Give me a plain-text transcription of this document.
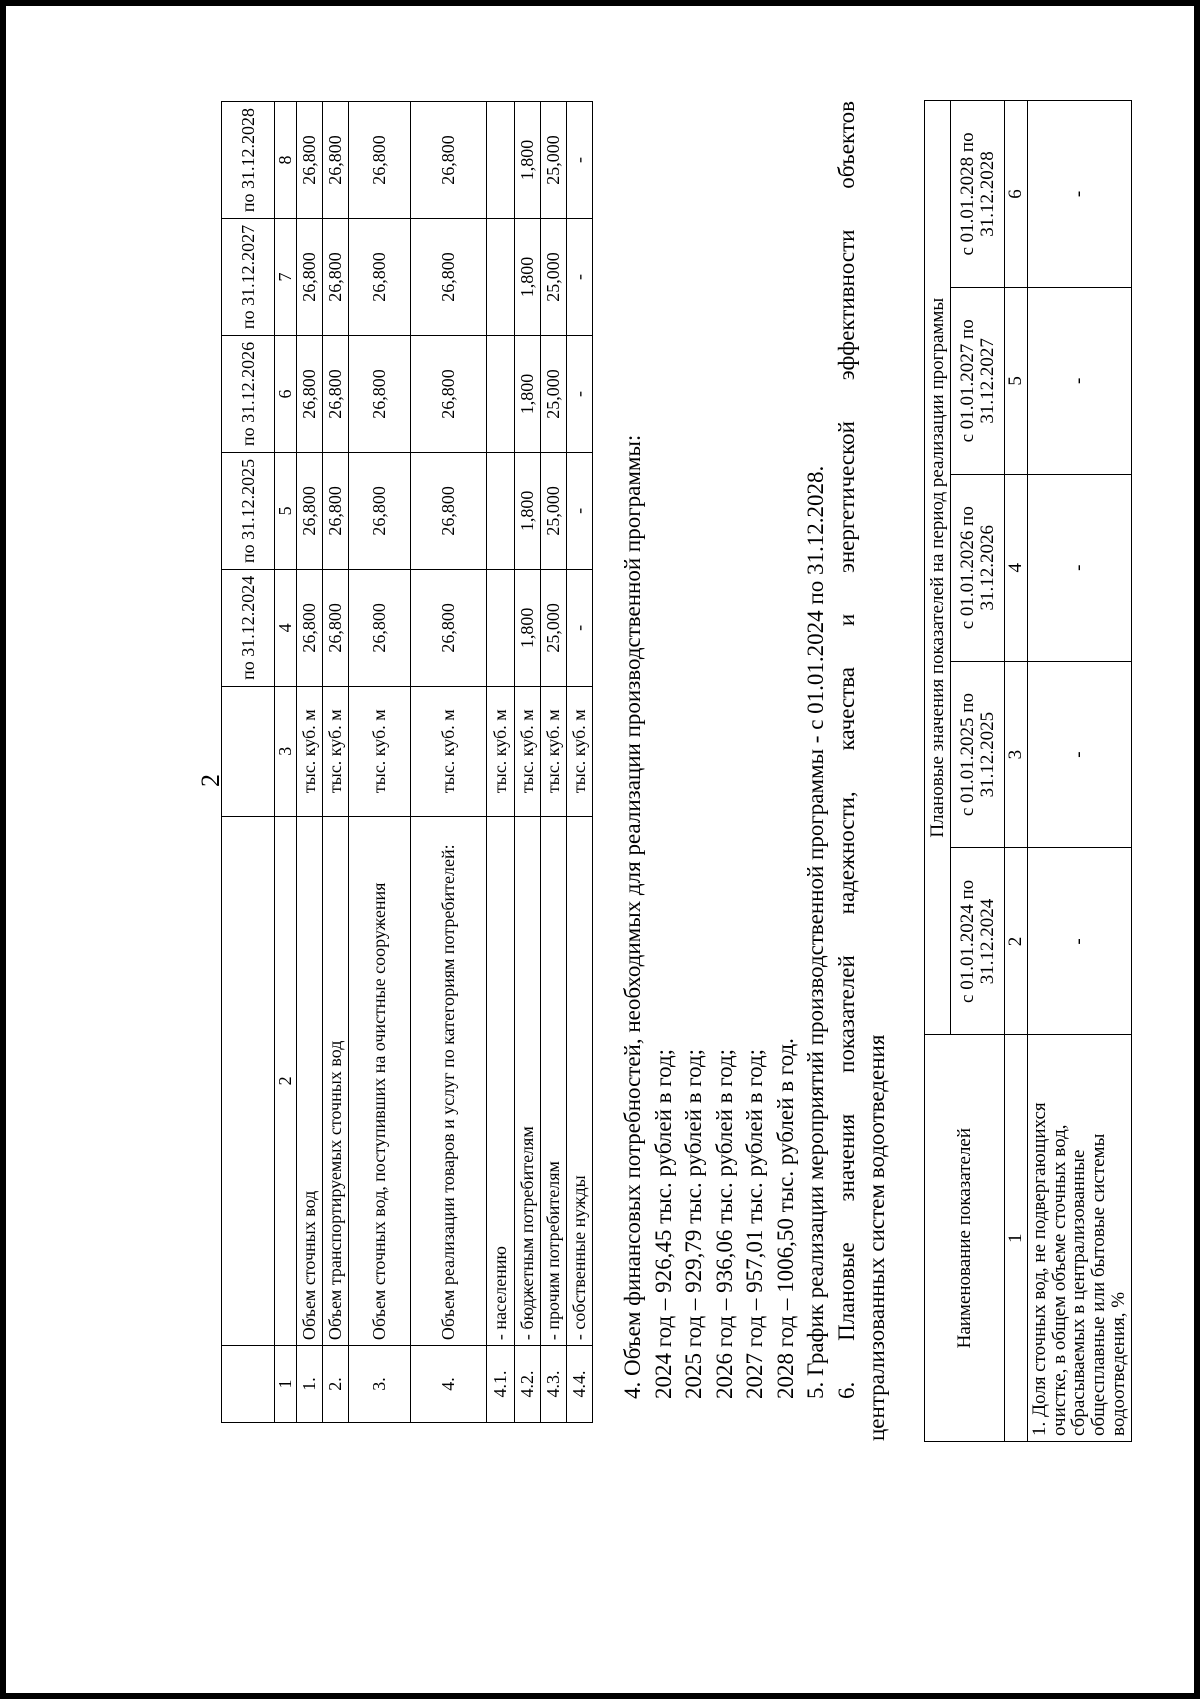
2
			по 31.12.2024	по 31.12.2025	по 31.12.2026	по 31.12.2027	по 31.12.2028
1	2	3	4	5	6	7	8
1.	Объем сточных вод	тыс. куб. м	26,800	26,800	26,800	26,800	26,800
2.	Объем транспортируемых сточных вод	тыс. куб. м	26,800	26,800	26,800	26,800	26,800
3.	Объем сточных вод, поступивших на очистные сооружения	тыс. куб. м	26,800	26,800	26,800	26,800	26,800
4.	Объем реализации товаров и услуг по категориям потребителей:	тыс. куб. м	26,800	26,800	26,800	26,800	26,800
4.1.	- населению	тыс. куб. м					
4.2.	- бюджетным потребителям	тыс. куб. м	1,800	1,800	1,800	1,800	1,800
4.3.	- прочим потребителям	тыс. куб. м	25,000	25,000	25,000	25,000	25,000
4.4.	- собственные нужды	тыс. куб. м	-	-	-	-	-

4. Объем финансовых потребностей, необходимых для реализации производственной программы: 2024 год – 926,45 тыс. рублей в год; 2025 год – 929,79 тыс. рублей в год; 2026 год – 936,06 тыс. рублей в год; 2027 год – 957,01 тыс. рублей в год; 2028 год – 1006,50 тыс. рублей в год. 5. График реализации мероприятий производственной программы - с 01.01.2024 по 31.12.2028. 6.
Плановые
значения
показателей
надежности,
качества
и
энергетической
эффективности
объектов

централизованных систем водоотведения	Наименование показателей	Плановые значения показателей на период реализации программы				
	с 01.01.2024 по 31.12.2024	с 01.01.2025 по 31.12.2025	с 01.01.2026 по 31.12.2026	с 01.01.2027 по 31.12.2027	с 01.01.2028 по 31.12.2028
1	2	3	4	5	6
1. Доля сточных вод, не подвергающихся очистке, в общем объеме сточных вод, сбрасываемых в централизованные общесплавные или бытовые системы водоотведения, %	-	-	-	-	-
